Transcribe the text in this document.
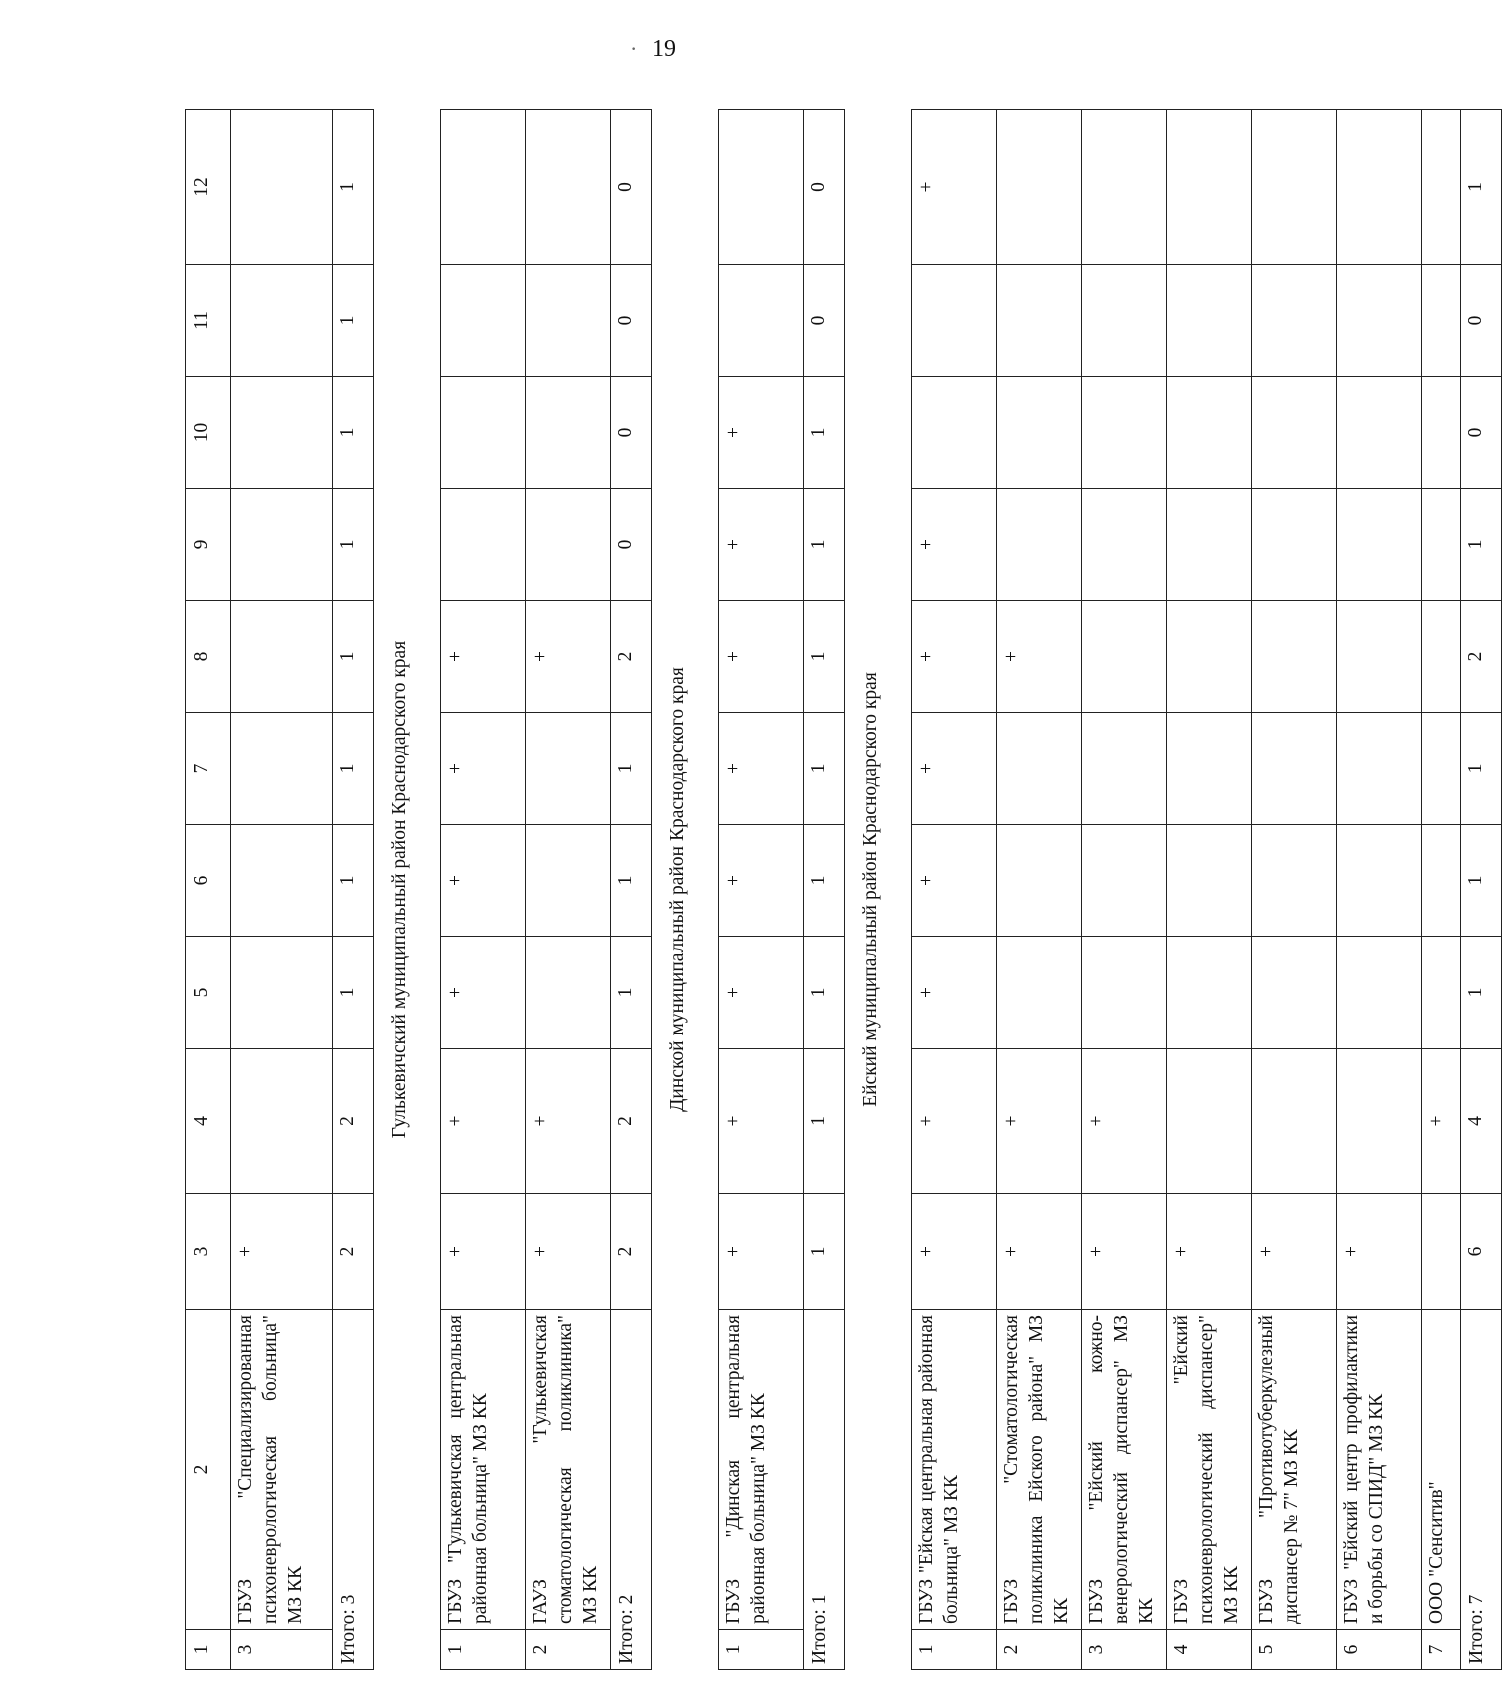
· 19
1	2	3	4	5	6	7	8	9	10	11	12
3	ГБУЗ "Специализированная психоневрологическая больница" МЗ КК	+									
Итого: 3		2	2	1	1	1	1	1	1	1	1
Гулькевичский муниципальный район Краснодарского края											
1	ГБУЗ "Гулькевичская центральная районная больница" МЗ КК	+	+	+	+	+	+				
2	ГАУЗ "Гулькевичская стоматологическая поликлиника" МЗ КК	+	+				+				
Итого: 2		2	2	1	1	1	2	0	0	0	0
Динской муниципальный район Краснодарского края											
1	ГБУЗ "Динская центральная районная больница" МЗ КК	+	+	+	+	+	+	+	+		
Итого: 1		1	1	1	1	1	1	1	1	0	0
Ейский муниципальный район Краснодарского края											
1	ГБУЗ "Ейская центральная районная больница" МЗ КК	+	+	+	+	+	+	+			+
2	ГБУЗ "Стоматологическая поликлиника Ейского района" МЗ КК	+	+				+				
3	ГБУЗ "Ейский кожно-венерологический диспансер" МЗ КК	+	+								
4	ГБУЗ "Ейский психоневрологический диспансер" МЗ КК	+									
5	ГБУЗ "Противотуберкулезный диспансер № 7" МЗ КК	+									
6	ГБУЗ "Ейский центр профилактики и борьбы со СПИД" МЗ КК	+									
7	ООО "Сенситив"		+								
Итого: 7		6	4	1	1	1	2	1	0	0	1
